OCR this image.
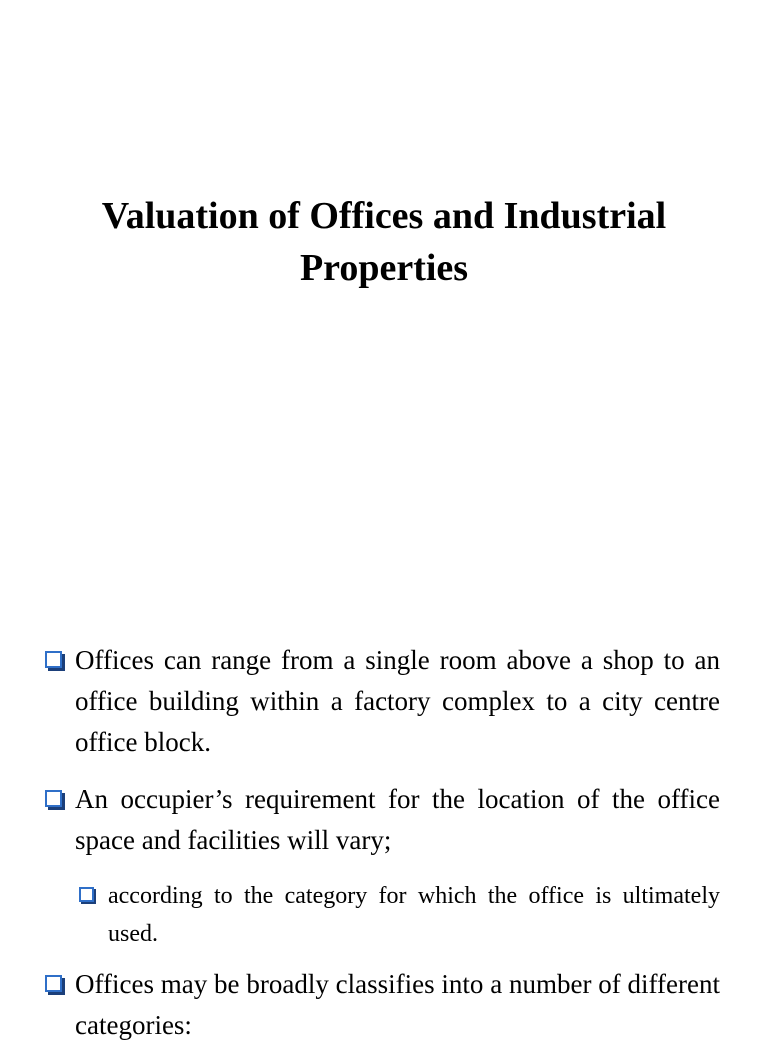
Valuation of Offices and Industrial
Properties
Offices can range from a single room above a shop to an office building within a factory complex to a city centre office block.
An occupier’s requirement for the location of the office space and facilities will vary;
according to the category for which the office is ultimately used.
Offices may be broadly classifies into a number of different categories:
